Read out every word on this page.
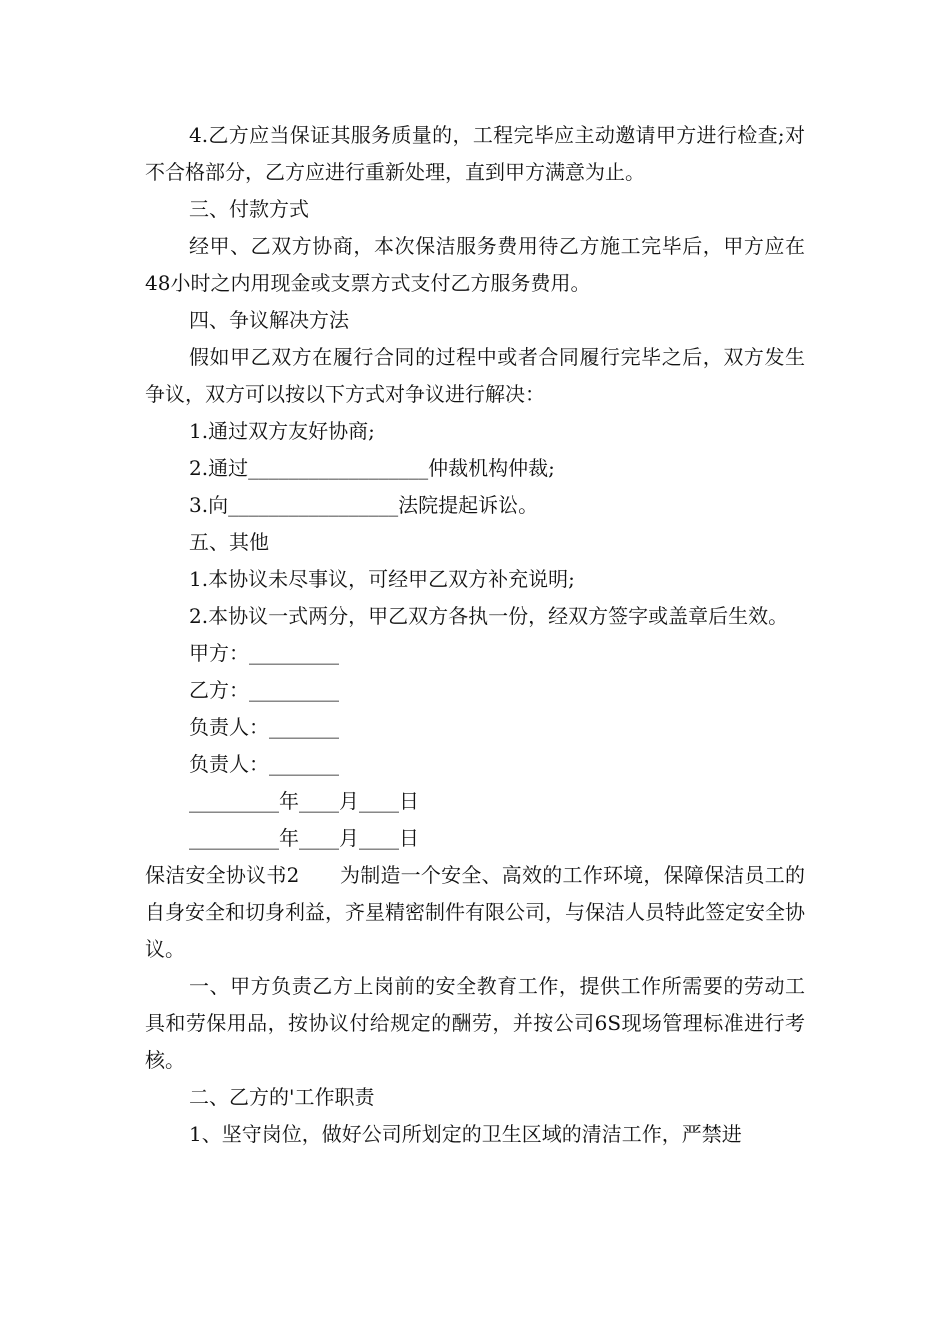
4.乙方应当保证其服务质量的，工程完毕应主动邀请甲方进行检查;对不合格部分，乙方应进行重新处理，直到甲方满意为止。

三、付款方式

经甲、乙双方协商，本次保洁服务费用待乙方施工完毕后，甲方应在48小时之内用现金或支票方式支付乙方服务费用。

四、争议解决方法

假如甲乙双方在履行合同的过程中或者合同履行完毕之后，双方发生争议，双方可以按以下方式对争议进行解决：

1.通过双方友好协商;

2.通过__________________仲裁机构仲裁;

3.向_________________法院提起诉讼。

五、其他

1.本协议未尽事议，可经甲乙双方补充说明;

2.本协议一式两分，甲乙双方各执一份，经双方签字或盖章后生效。

甲方：_________

乙方：_________

负责人：_______

负责人：_______

_________年____月____日

_________年____月____日

保洁安全协议书2　　为制造一个安全、高效的工作环境，保障保洁员工的自身安全和切身利益，齐星精密制件有限公司，与保洁人员特此签定安全协议。

一、甲方负责乙方上岗前的安全教育工作，提供工作所需要的劳动工具和劳保用品，按协议付给规定的酬劳，并按公司6S现场管理标准进行考核。

二、乙方的'工作职责

1、坚守岗位，做好公司所划定的卫生区域的清洁工作，严禁进
